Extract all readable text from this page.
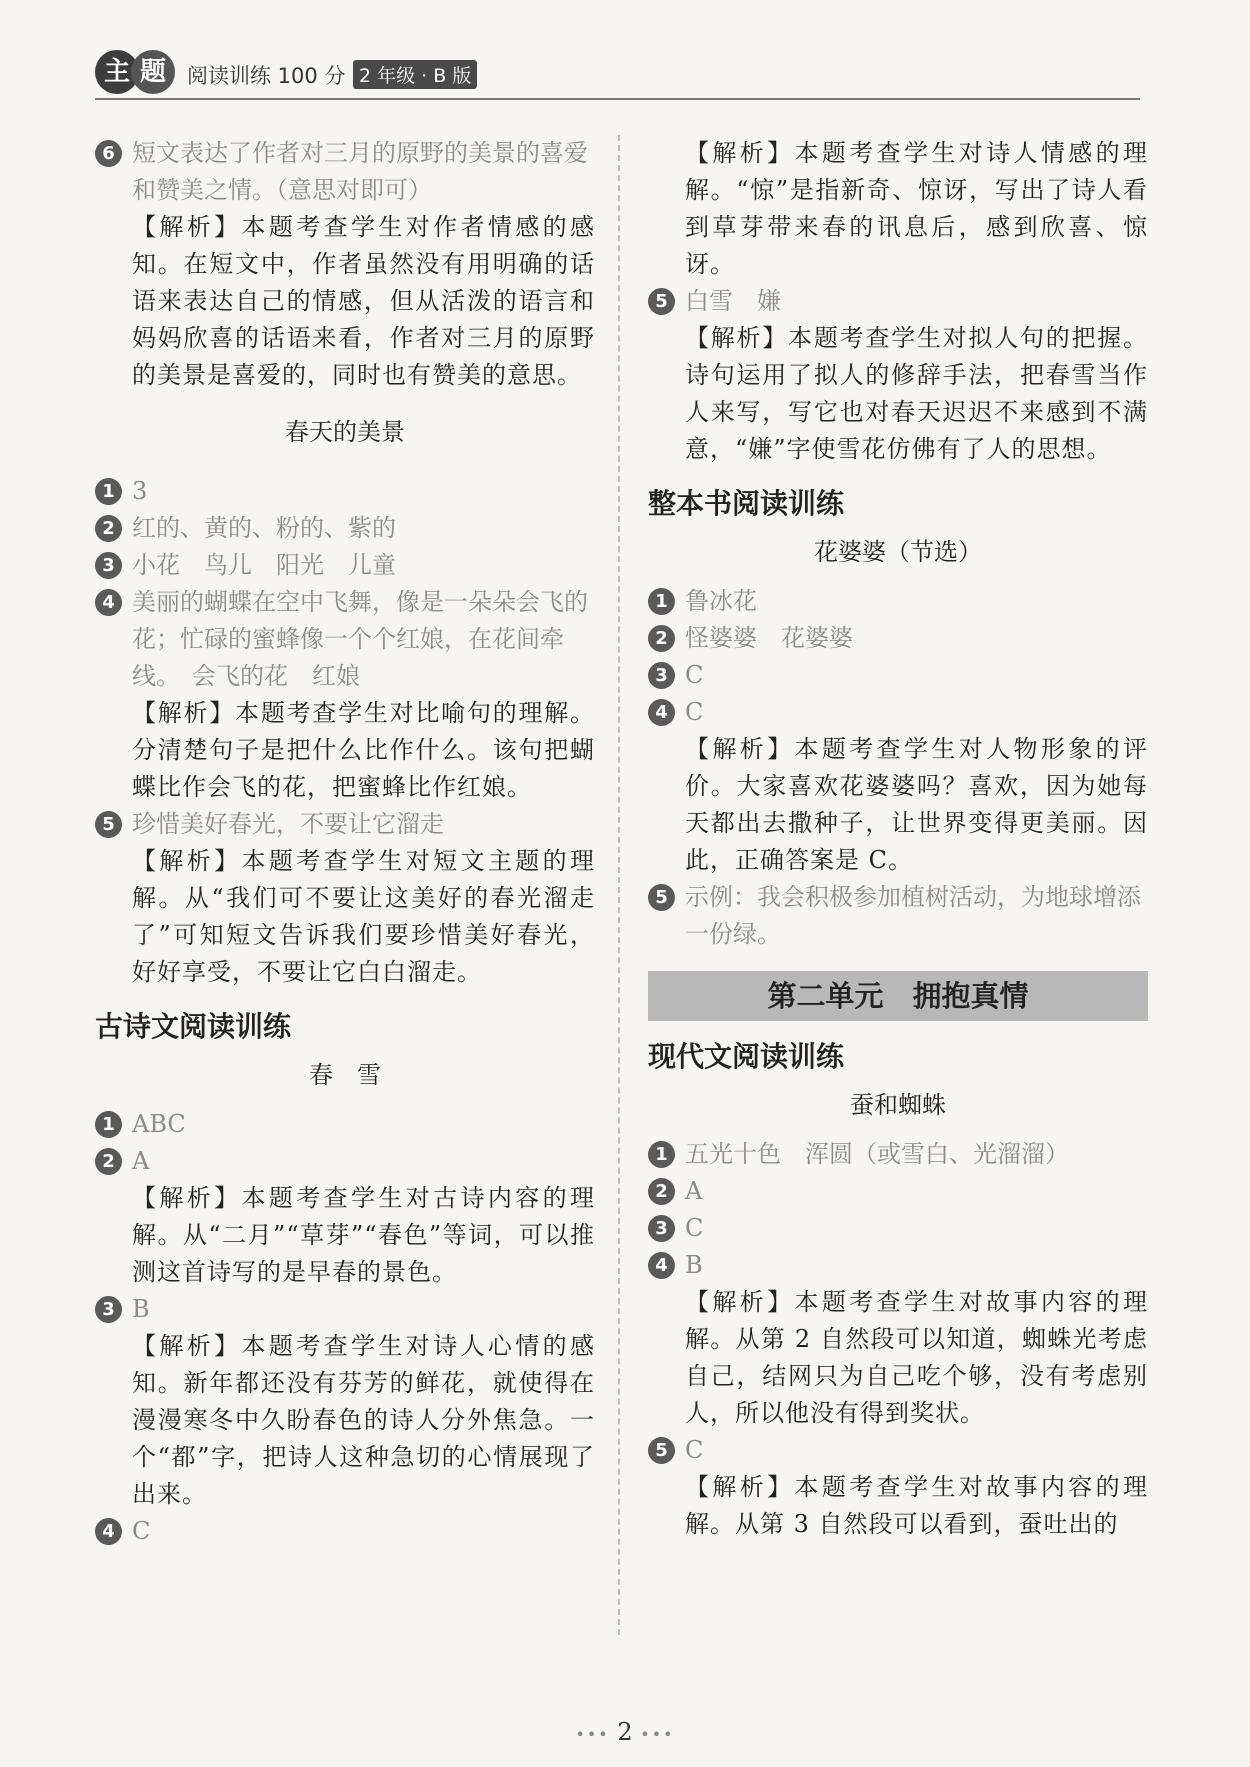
主 题	阅读训练 100 分 2 年级 · B 版
6 短文表达了作者对三月的原野的美景的喜爱和赞美之情。（意思对即可）
【解析】本题考查学生对作者情感的感知。在短文中，作者虽然没有用明确的话语来表达自己的情感，但从活泼的语言和妈妈欣喜的话语来看，作者对三月的原野的美景是喜爱的，同时也有赞美的意思。
春天的美景
1 3
2 红的、黄的、粉的、紫的
3 小花　鸟儿　阳光　儿童
4 美丽的蝴蝶在空中飞舞，像是一朵朵会飞的花；忙碌的蜜蜂像一个个红娘，在花间牵线。　会飞的花　红娘
【解析】本题考查学生对比喻句的理解。分清楚句子是把什么比作什么。该句把蝴蝶比作会飞的花，把蜜蜂比作红娘。
5 珍惜美好春光，不要让它溜走
【解析】本题考查学生对短文主题的理解。从“我们可不要让这美好的春光溜走了”可知短文告诉我们要珍惜美好春光，好好享受，不要让它白白溜走。
古诗文阅读训练
春　雪
1 ABC
2 A
【解析】本题考查学生对古诗内容的理解。从“二月”“草芽”“春色”等词，可以推测这首诗写的是早春的景色。
3 B
【解析】本题考查学生对诗人心情的感知。新年都还没有芬芳的鲜花，就使得在漫漫寒冬中久盼春色的诗人分外焦急。一个“都”字，把诗人这种急切的心情展现了出来。
4 C
【解析】本题考查学生对诗人情感的理解。“惊”是指新奇、惊讶，写出了诗人看到草芽带来春的讯息后，感到欣喜、惊讶。
5 白雪　嫌
【解析】本题考查学生对拟人句的把握。诗句运用了拟人的修辞手法，把春雪当作人来写，写它也对春天迟迟不来感到不满意，“嫌”字使雪花仿佛有了人的思想。
整本书阅读训练
花婆婆（节选）
1 鲁冰花
2 怪婆婆　花婆婆
3 C
4 C
【解析】本题考查学生对人物形象的评价。大家喜欢花婆婆吗？喜欢，因为她每天都出去撒种子，让世界变得更美丽。因此，正确答案是 C。
5 示例：我会积极参加植树活动，为地球增添一份绿。
第二单元　拥抱真情
现代文阅读训练
蚕和蜘蛛
1 五光十色　浑圆（或雪白、光溜溜）
2 A
3 C
4 B
【解析】本题考查学生对故事内容的理解。从第 2 自然段可以知道，蜘蛛光考虑自己，结网只为自己吃个够，没有考虑别人，所以他没有得到奖状。
5 C
【解析】本题考查学生对故事内容的理解。从第 3 自然段可以看到，蚕吐出的
••• 2 •••
